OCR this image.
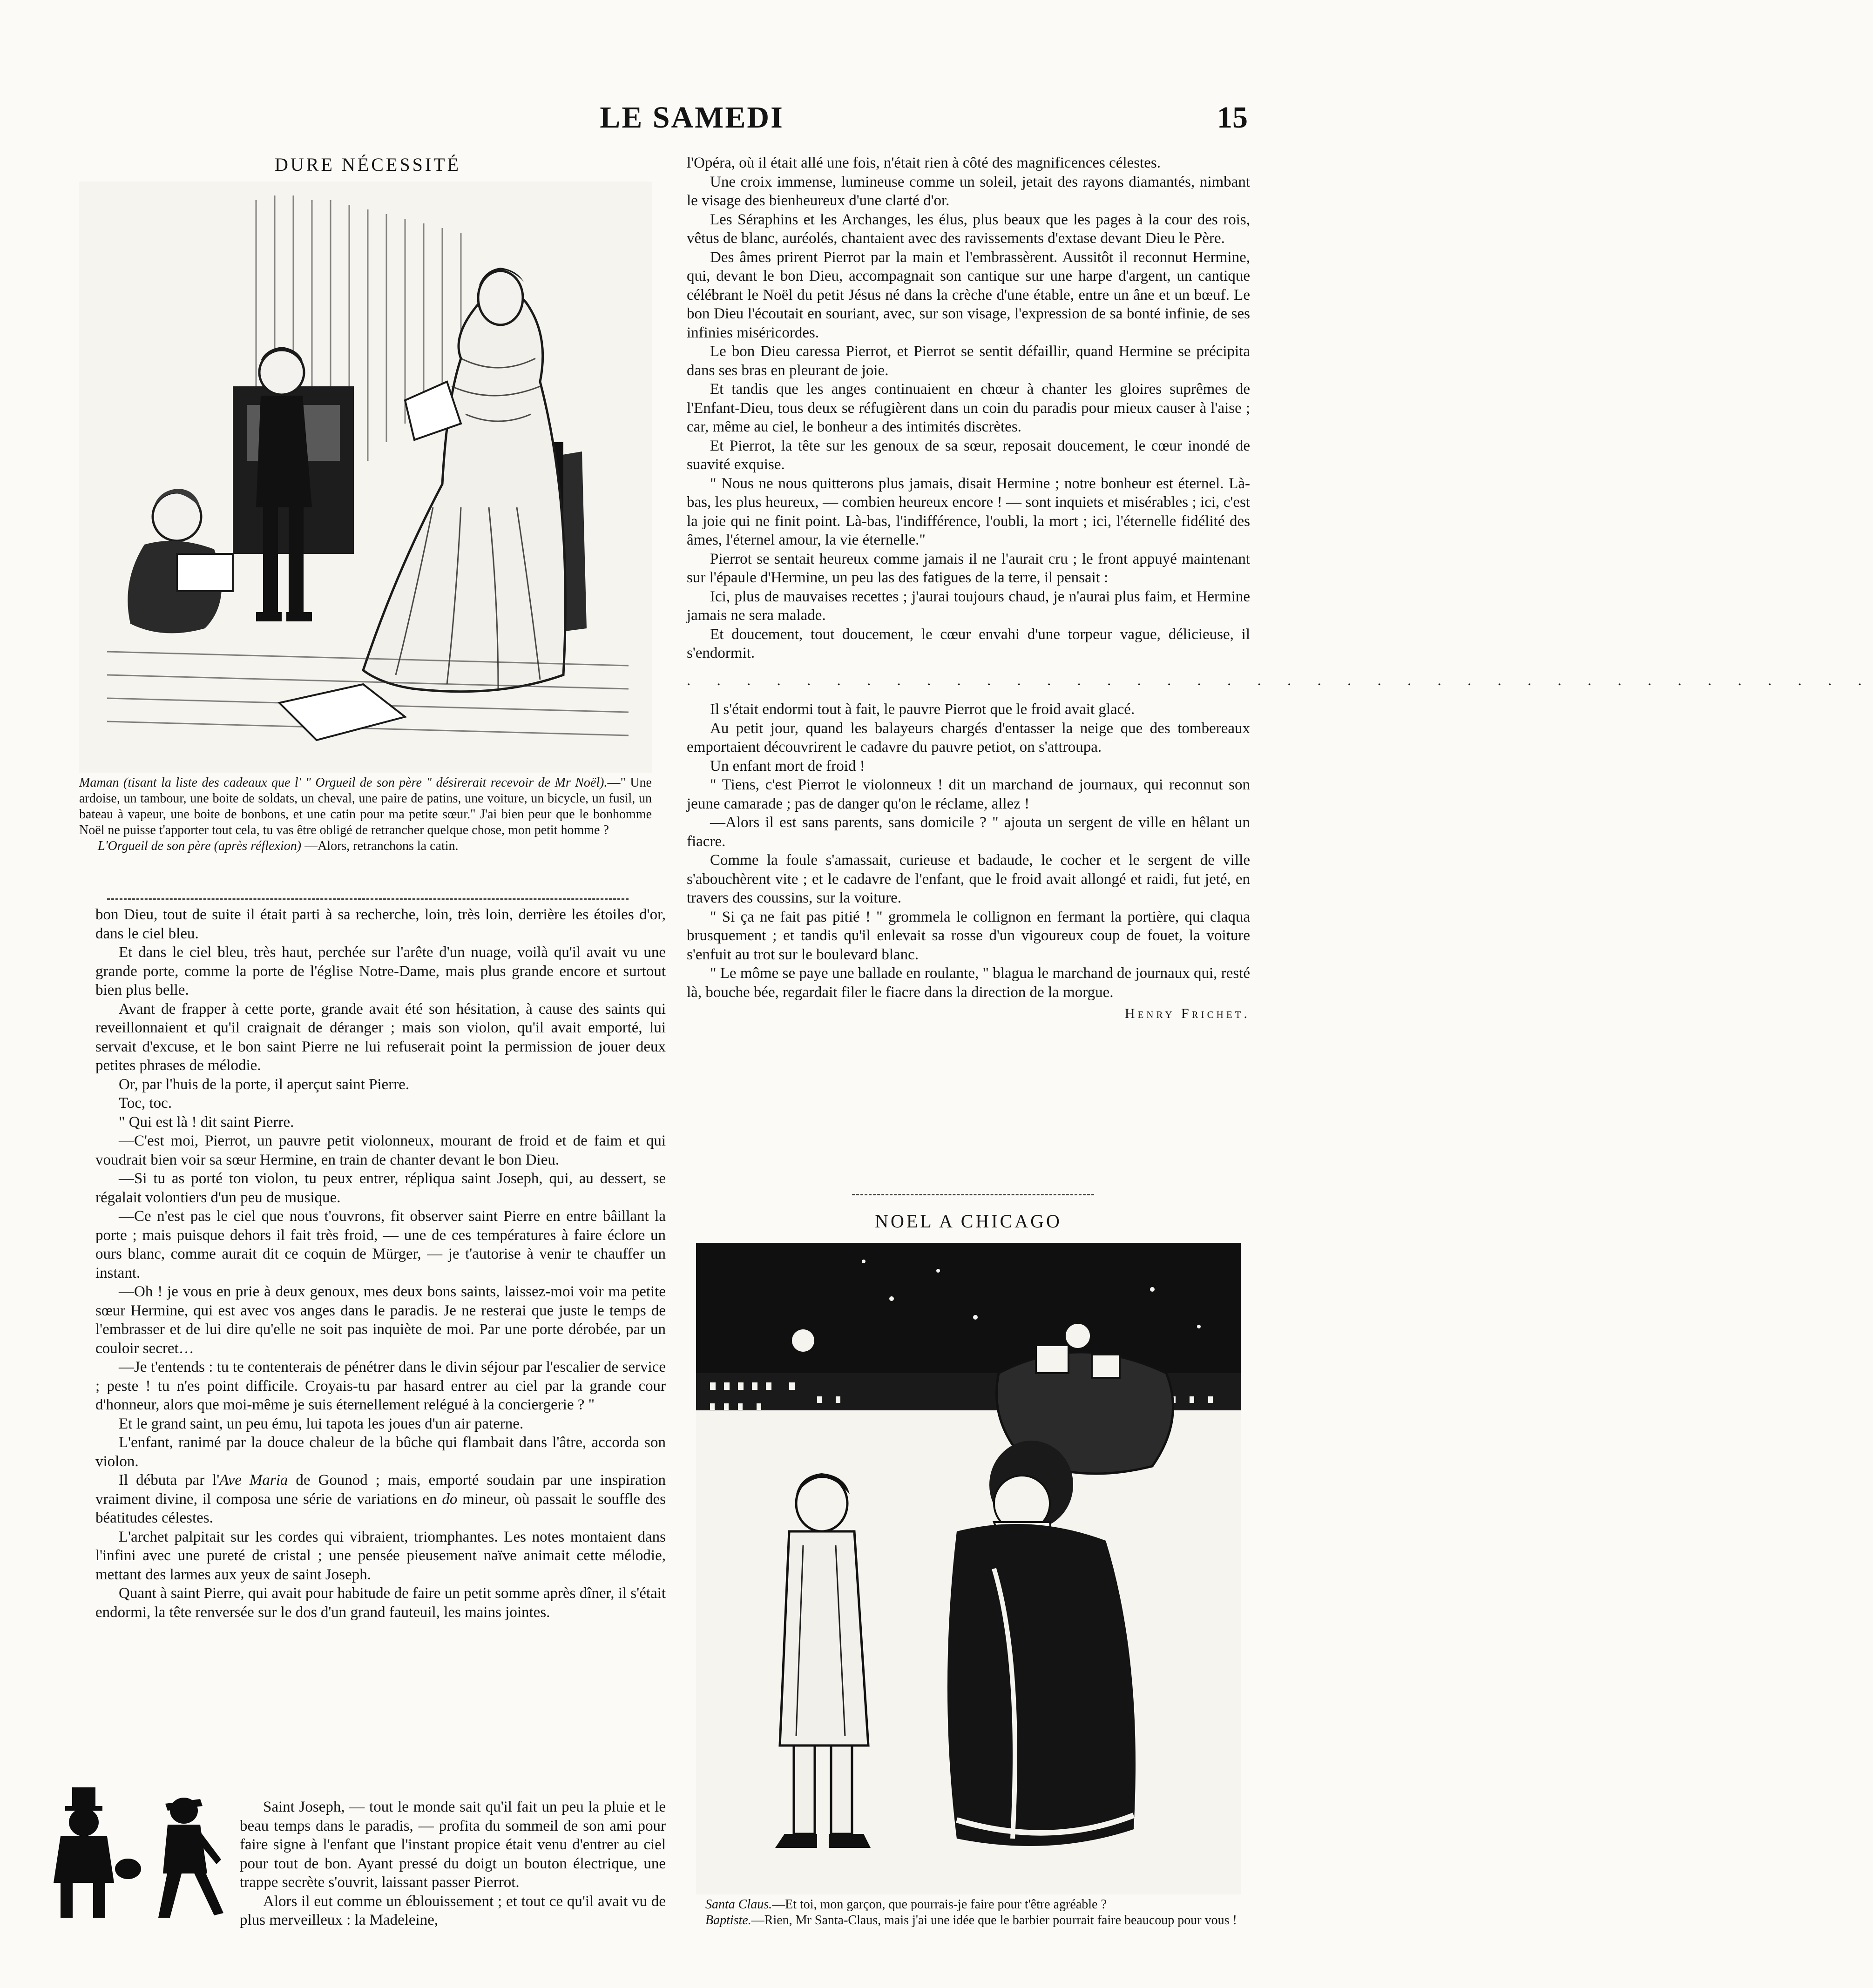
LE SAMEDI	15
DURE NÉCESSITÉ
Maman (tisant la liste des cadeaux que l' " Orgueil de son père " désirerait recevoir de Mr Noël).—" Une ardoise, un tambour, une boite de soldats, un cheval, une paire de patins, une voiture, un bicycle, un fusil, un bateau à vapeur, une boite de bonbons, et une catin pour ma petite sœur." J'ai bien peur que le bonhomme Noël ne puisse t'apporter tout cela, tu vas être obligé de retrancher quelque chose, mon petit homme ?
L'Orgueil de son père (après réflexion) —Alors, retranchons la catin.

bon Dieu, tout de suite il était parti à sa recherche, loin, très loin, derrière les étoiles d'or, dans le ciel bleu.

Et dans le ciel bleu, très haut, perchée sur l'arête d'un nuage, voilà qu'il avait vu une grande porte, comme la porte de l'église Notre-Dame, mais plus grande encore et surtout bien plus belle.

Avant de frapper à cette porte, grande avait été son hésitation, à cause des saints qui reveillonnaient et qu'il craignait de déranger ; mais son violon, qu'il avait emporté, lui servait d'excuse, et le bon saint Pierre ne lui refuserait point la permission de jouer deux petites phrases de mélodie.

Or, par l'huis de la porte, il aperçut saint Pierre.

Toc, toc.

" Qui est là ! dit saint Pierre.

—C'est moi, Pierrot, un pauvre petit violonneux, mourant de froid et de faim et qui voudrait bien voir sa sœur Hermine, en train de chanter devant le bon Dieu.

—Si tu as porté ton violon, tu peux entrer, répliqua saint Joseph, qui, au dessert, se régalait volontiers d'un peu de musique.

—Ce n'est pas le ciel que nous t'ouvrons, fit observer saint Pierre en entre bâillant la porte ; mais puisque dehors il fait très froid, — une de ces températures à faire éclore un ours blanc, comme aurait dit ce coquin de Mürger, — je t'autorise à venir te chauffer un instant.

—Oh ! je vous en prie à deux genoux, mes deux bons saints, laissez-moi voir ma petite sœur Hermine, qui est avec vos anges dans le paradis. Je ne resterai que juste le temps de l'embrasser et de lui dire qu'elle ne soit pas inquiète de moi. Par une porte dérobée, par un couloir secret…

—Je t'entends : tu te contenterais de pénétrer dans le divin séjour par l'escalier de service ; peste ! tu n'es point difficile. Croyais-tu par hasard entrer au ciel par la grande cour d'honneur, alors que moi-même je suis éternellement relégué à la conciergerie ? "

Et le grand saint, un peu ému, lui tapota les joues d'un air paterne.

L'enfant, ranimé par la douce chaleur de la bûche qui flambait dans l'âtre, accorda son violon.

Il débuta par l'Ave Maria de Gounod ; mais, emporté soudain par une inspiration vraiment divine, il composa une série de variations en do mineur, où passait le souffle des béatitudes célestes.

L'archet palpitait sur les cordes qui vibraient, triomphantes. Les notes montaient dans l'infini avec une pureté de cristal ; une pensée pieusement naïve animait cette mélodie, mettant des larmes aux yeux de saint Joseph.

Quant à saint Pierre, qui avait pour habitude de faire un petit somme après dîner, il s'était endormi, la tête renversée sur le dos d'un grand fauteuil, les mains jointes.

Saint Joseph, — tout le monde sait qu'il fait un peu la pluie et le beau temps dans le paradis, — profita du sommeil de son ami pour faire signe à l'enfant que l'instant propice était venu d'entrer au ciel pour tout de bon. Ayant pressé du doigt un bouton électrique, une trappe secrète s'ouvrit, laissant passer Pierrot.

Alors il eut comme un éblouissement ; et tout ce qu'il avait vu de plus merveilleux : la Madeleine,

l'Opéra, où il était allé une fois, n'était rien à côté des magnificences célestes.

Une croix immense, lumineuse comme un soleil, jetait des rayons diamantés, nimbant le visage des bienheureux d'une clarté d'or.

Les Séraphins et les Archanges, les élus, plus beaux que les pages à la cour des rois, vêtus de blanc, auréolés, chantaient avec des ravissements d'extase devant Dieu le Père.

Des âmes prirent Pierrot par la main et l'embrassèrent. Aussitôt il reconnut Hermine, qui, devant le bon Dieu, accompagnait son cantique sur une harpe d'argent, un cantique célébrant le Noël du petit Jésus né dans la crèche d'une étable, entre un âne et un bœuf. Le bon Dieu l'écoutait en souriant, avec, sur son visage, l'expression de sa bonté infinie, de ses infinies miséricordes.

Le bon Dieu caressa Pierrot, et Pierrot se sentit défaillir, quand Hermine se précipita dans ses bras en pleurant de joie.

Et tandis que les anges continuaient en chœur à chanter les gloires suprêmes de l'Enfant-Dieu, tous deux se réfugièrent dans un coin du paradis pour mieux causer à l'aise ; car, même au ciel, le bonheur a des intimités discrètes.

Et Pierrot, la tête sur les genoux de sa sœur, reposait doucement, le cœur inondé de suavité exquise.

" Nous ne nous quitterons plus jamais, disait Hermine ; notre bonheur est éternel. Là-bas, les plus heureux, — combien heureux encore ! — sont inquiets et misérables ; ici, c'est la joie qui ne finit point. Là-bas, l'indifférence, l'oubli, la mort ; ici, l'éternelle fidélité des âmes, l'éternel amour, la vie éternelle."

Pierrot se sentait heureux comme jamais il ne l'aurait cru ; le front appuyé maintenant sur l'épaule d'Hermine, un peu las des fatigues de la terre, il pensait :

Ici, plus de mauvaises recettes ; j'aurai toujours chaud, je n'aurai plus faim, et Hermine jamais ne sera malade.

Et doucement, tout doucement, le cœur envahi d'une torpeur vague, délicieuse, il s'endormit.

. . . . . . . . . . . . . . . . . . . . . . . . . . . . . . . . . . . . . . . .

Il s'était endormi tout à fait, le pauvre Pierrot que le froid avait glacé.

Au petit jour, quand les balayeurs chargés d'entasser la neige que des tombereaux emportaient découvrirent le cadavre du pauvre petiot, on s'attroupa.

Un enfant mort de froid !

" Tiens, c'est Pierrot le violonneux ! dit un marchand de journaux, qui reconnut son jeune camarade ; pas de danger qu'on le réclame, allez !

—Alors il est sans parents, sans domicile ? " ajouta un sergent de ville en hêlant un fiacre.

Comme la foule s'amassait, curieuse et badaude, le cocher et le sergent de ville s'abouchèrent vite ; et le cadavre de l'enfant, que le froid avait allongé et raidi, fut jeté, en travers des coussins, sur la voiture.

" Si ça ne fait pas pitié ! " grommela le collignon en fermant la portière, qui claqua brusquement ; et tandis qu'il enlevait sa rosse d'un vigoureux coup de fouet, la voiture s'enfuit au trot sur le boulevard blanc.

" Le môme se paye une ballade en roulante, " blagua le marchand de journaux qui, resté là, bouche bée, regardait filer le fiacre dans la direction de la morgue.

Henry Frichet.
NOEL A CHICAGO
Santa Claus.—Et toi, mon garçon, que pourrais-je faire pour t'être agréable ?
Baptiste.—Rien, Mr Santa-Claus, mais j'ai une idée que le barbier pourrait faire beaucoup pour vous !
